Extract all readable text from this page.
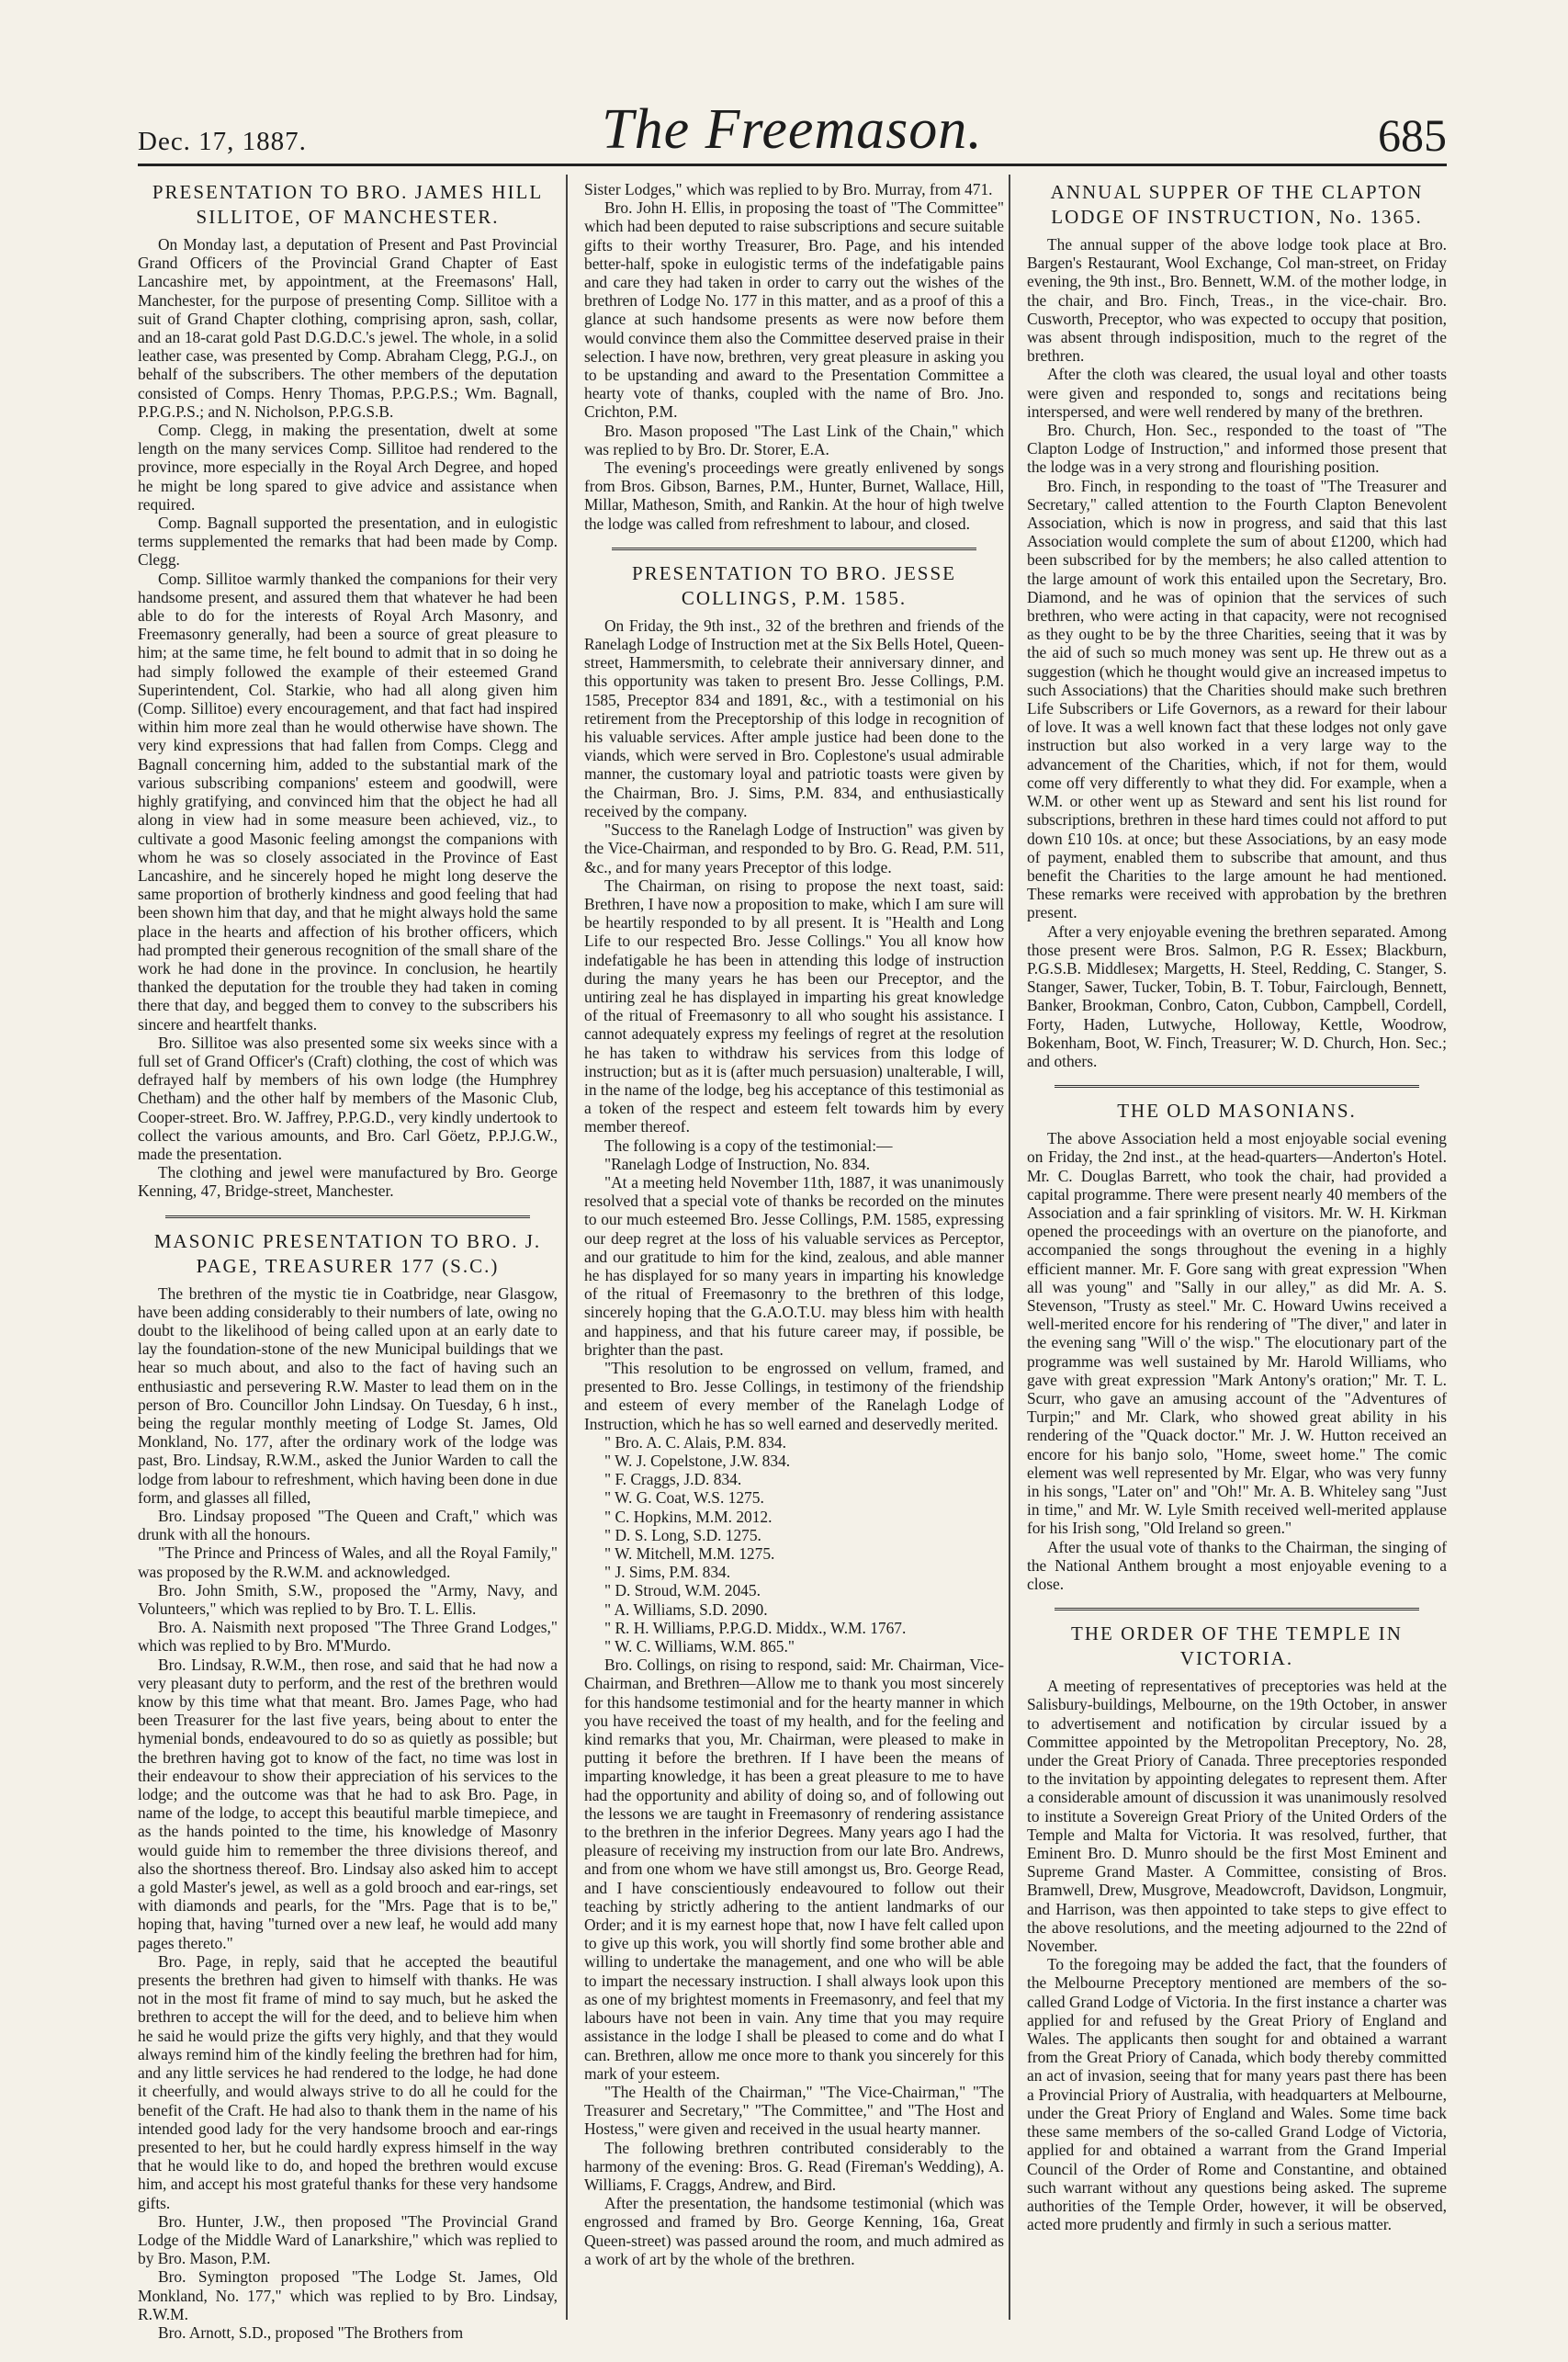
Dec. 17, 1887.	The Freemason.	685
PRESENTATION TO BRO. JAMES HILL SILLITOE, OF MANCHESTER.

On Monday last, a deputation of Present and Past Provincial Grand Officers of the Provincial Grand Chapter of East Lancashire met, by appointment, at the Freemasons' Hall, Manchester, for the purpose of presenting Comp. Sillitoe with a suit of Grand Chapter clothing, comprising apron, sash, collar, and an 18-carat gold Past D.G.D.C.'s jewel. The whole, in a solid leather case, was presented by Comp. Abraham Clegg, P.G.J., on behalf of the subscribers. The other members of the deputation consisted of Comps. Henry Thomas, P.P.G.P.S.; Wm. Bagnall, P.P.G.P.S.; and N. Nicholson, P.P.G.S.B.

Comp. Clegg, in making the presentation, dwelt at some length on the many services Comp. Sillitoe had rendered to the province, more especially in the Royal Arch Degree, and hoped he might be long spared to give advice and assistance when required.

Comp. Bagnall supported the presentation, and in eulogistic terms supplemented the remarks that had been made by Comp. Clegg.

Comp. Sillitoe warmly thanked the companions for their very handsome present, and assured them that whatever he had been able to do for the interests of Royal Arch Masonry, and Freemasonry generally, had been a source of great pleasure to him; at the same time, he felt bound to admit that in so doing he had simply followed the example of their esteemed Grand Superintendent, Col. Starkie, who had all along given him (Comp. Sillitoe) every encouragement, and that fact had inspired within him more zeal than he would otherwise have shown. The very kind expressions that had fallen from Comps. Clegg and Bagnall concerning him, added to the substantial mark of the various subscribing companions' esteem and goodwill, were highly gratifying, and convinced him that the object he had all along in view had in some measure been achieved, viz., to cultivate a good Masonic feeling amongst the companions with whom he was so closely associated in the Province of East Lancashire, and he sincerely hoped he might long deserve the same proportion of brotherly kindness and good feeling that had been shown him that day, and that he might always hold the same place in the hearts and affection of his brother officers, which had prompted their generous recognition of the small share of the work he had done in the province. In conclusion, he heartily thanked the deputation for the trouble they had taken in coming there that day, and begged them to convey to the subscribers his sincere and heartfelt thanks.

Bro. Sillitoe was also presented some six weeks since with a full set of Grand Officer's (Craft) clothing, the cost of which was defrayed half by members of his own lodge (the Humphrey Chetham) and the other half by members of the Masonic Club, Cooper-street. Bro. W. Jaffrey, P.P.G.D., very kindly undertook to collect the various amounts, and Bro. Carl Göetz, P.P.J.G.W., made the presentation.

The clothing and jewel were manufactured by Bro. George Kenning, 47, Bridge-street, Manchester.

MASONIC PRESENTATION TO BRO. J. PAGE, TREASURER 177 (S.C.)

The brethren of the mystic tie in Coatbridge, near Glasgow, have been adding considerably to their numbers of late, owing no doubt to the likelihood of being called upon at an early date to lay the foundation-stone of the new Municipal buildings that we hear so much about, and also to the fact of having such an enthusiastic and persevering R.W. Master to lead them on in the person of Bro. Councillor John Lindsay. On Tuesday, 6 h inst., being the regular monthly meeting of Lodge St. James, Old Monkland, No. 177, after the ordinary work of the lodge was past, Bro. Lindsay, R.W.M., asked the Junior Warden to call the lodge from labour to refreshment, which having been done in due form, and glasses all filled,

Bro. Lindsay proposed "The Queen and Craft," which was drunk with all the honours.

"The Prince and Princess of Wales, and all the Royal Family," was proposed by the R.W.M. and acknowledged.

Bro. John Smith, S.W., proposed the "Army, Navy, and Volunteers," which was replied to by Bro. T. L. Ellis.

Bro. A. Naismith next proposed "The Three Grand Lodges," which was replied to by Bro. M'Murdo.

Bro. Lindsay, R.W.M., then rose, and said that he had now a very pleasant duty to perform, and the rest of the brethren would know by this time what that meant. Bro. James Page, who had been Treasurer for the last five years, being about to enter the hymenial bonds, endeavoured to do so as quietly as possible; but the brethren having got to know of the fact, no time was lost in their endeavour to show their appreciation of his services to the lodge; and the outcome was that he had to ask Bro. Page, in name of the lodge, to accept this beautiful marble timepiece, and as the hands pointed to the time, his knowledge of Masonry would guide him to remember the three divisions thereof, and also the shortness thereof. Bro. Lindsay also asked him to accept a gold Master's jewel, as well as a gold brooch and ear-rings, set with diamonds and pearls, for the "Mrs. Page that is to be," hoping that, having "turned over a new leaf, he would add many pages thereto."

Bro. Page, in reply, said that he accepted the beautiful presents the brethren had given to himself with thanks. He was not in the most fit frame of mind to say much, but he asked the brethren to accept the will for the deed, and to believe him when he said he would prize the gifts very highly, and that they would always remind him of the kindly feeling the brethren had for him, and any little services he had rendered to the lodge, he had done it cheerfully, and would always strive to do all he could for the benefit of the Craft. He had also to thank them in the name of his intended good lady for the very handsome brooch and ear-rings presented to her, but he could hardly express himself in the way that he would like to do, and hoped the brethren would excuse him, and accept his most grateful thanks for these very handsome gifts.

Bro. Hunter, J.W., then proposed "The Provincial Grand Lodge of the Middle Ward of Lanarkshire," which was replied to by Bro. Mason, P.M.

Bro. Symington proposed "The Lodge St. James, Old Monkland, No. 177," which was replied to by Bro. Lindsay, R.W.M.

Bro. Arnott, S.D., proposed "The Brothers from

Sister Lodges," which was replied to by Bro. Murray, from 471.

Bro. John H. Ellis, in proposing the toast of "The Committee" which had been deputed to raise subscriptions and secure suitable gifts to their worthy Treasurer, Bro. Page, and his intended better-half, spoke in eulogistic terms of the indefatigable pains and care they had taken in order to carry out the wishes of the brethren of Lodge No. 177 in this matter, and as a proof of this a glance at such handsome presents as were now before them would convince them also the Committee deserved praise in their selection. I have now, brethren, very great pleasure in asking you to be upstanding and award to the Presentation Committee a hearty vote of thanks, coupled with the name of Bro. Jno. Crichton, P.M.

Bro. Mason proposed "The Last Link of the Chain," which was replied to by Bro. Dr. Storer, E.A.

The evening's proceedings were greatly enlivened by songs from Bros. Gibson, Barnes, P.M., Hunter, Burnet, Wallace, Hill, Millar, Matheson, Smith, and Rankin. At the hour of high twelve the lodge was called from refreshment to labour, and closed.

PRESENTATION TO BRO. JESSE COLLINGS, P.M. 1585.

On Friday, the 9th inst., 32 of the brethren and friends of the Ranelagh Lodge of Instruction met at the Six Bells Hotel, Queen-street, Hammersmith, to celebrate their anniversary dinner, and this opportunity was taken to present Bro. Jesse Collings, P.M. 1585, Preceptor 834 and 1891, &c., with a testimonial on his retirement from the Preceptorship of this lodge in recognition of his valuable services. After ample justice had been done to the viands, which were served in Bro. Coplestone's usual admirable manner, the customary loyal and patriotic toasts were given by the Chairman, Bro. J. Sims, P.M. 834, and enthusiastically received by the company.

"Success to the Ranelagh Lodge of Instruction" was given by the Vice-Chairman, and responded to by Bro. G. Read, P.M. 511, &c., and for many years Preceptor of this lodge.

The Chairman, on rising to propose the next toast, said: Brethren, I have now a proposition to make, which I am sure will be heartily responded to by all present. It is "Health and Long Life to our respected Bro. Jesse Collings." You all know how indefatigable he has been in attending this lodge of instruction during the many years he has been our Preceptor, and the untiring zeal he has displayed in imparting his great knowledge of the ritual of Freemasonry to all who sought his assistance. I cannot adequately express my feelings of regret at the resolution he has taken to withdraw his services from this lodge of instruction; but as it is (after much persuasion) unalterable, I will, in the name of the lodge, beg his acceptance of this testimonial as a token of the respect and esteem felt towards him by every member thereof.

The following is a copy of the testimonial:—

"Ranelagh Lodge of Instruction, No. 834.

"At a meeting held November 11th, 1887, it was unanimously resolved that a special vote of thanks be recorded on the minutes to our much esteemed Bro. Jesse Collings, P.M. 1585, expressing our deep regret at the loss of his valuable services as Perceptor, and our gratitude to him for the kind, zealous, and able manner he has displayed for so many years in imparting his knowledge of the ritual of Freemasonry to the brethren of this lodge, sincerely hoping that the G.A.O.T.U. may bless him with health and happiness, and that his future career may, if possible, be brighter than the past.

"This resolution to be engrossed on vellum, framed, and presented to Bro. Jesse Collings, in testimony of the friendship and esteem of every member of the Ranelagh Lodge of Instruction, which he has so well earned and deservedly merited.

" Bro. A. C. Alais, P.M. 834.
" W. J. Copelstone, J.W. 834.
" F. Craggs, J.D. 834.
" W. G. Coat, W.S. 1275.
" C. Hopkins, M.M. 2012.
" D. S. Long, S.D. 1275.
" W. Mitchell, M.M. 1275.
" J. Sims, P.M. 834.
" D. Stroud, W.M. 2045.
" A. Williams, S.D. 2090.
" R. H. Williams, P.P.G.D. Middx., W.M. 1767.
" W. C. Williams, W.M. 865."

Bro. Collings, on rising to respond, said: Mr. Chairman, Vice-Chairman, and Brethren—Allow me to thank you most sincerely for this handsome testimonial and for the hearty manner in which you have received the toast of my health, and for the feeling and kind remarks that you, Mr. Chairman, were pleased to make in putting it before the brethren. If I have been the means of imparting knowledge, it has been a great pleasure to me to have had the opportunity and ability of doing so, and of following out the lessons we are taught in Freemasonry of rendering assistance to the brethren in the inferior Degrees. Many years ago I had the pleasure of receiving my instruction from our late Bro. Andrews, and from one whom we have still amongst us, Bro. George Read, and I have conscientiously endeavoured to follow out their teaching by strictly adhering to the antient landmarks of our Order; and it is my earnest hope that, now I have felt called upon to give up this work, you will shortly find some brother able and willing to undertake the management, and one who will be able to impart the necessary instruction. I shall always look upon this as one of my brightest moments in Freemasonry, and feel that my labours have not been in vain. Any time that you may require assistance in the lodge I shall be pleased to come and do what I can. Brethren, allow me once more to thank you sincerely for this mark of your esteem.

"The Health of the Chairman," "The Vice-Chairman," "The Treasurer and Secretary," "The Committee," and "The Host and Hostess," were given and received in the usual hearty manner.

The following brethren contributed considerably to the harmony of the evening: Bros. G. Read (Fireman's Wedding), A. Williams, F. Craggs, Andrew, and Bird.

After the presentation, the handsome testimonial (which was engrossed and framed by Bro. George Kenning, 16a, Great Queen-street) was passed around the room, and much admired as a work of art by the whole of the brethren.

ANNUAL SUPPER OF THE CLAPTON LODGE OF INSTRUCTION, No. 1365.

The annual supper of the above lodge took place at Bro. Bargen's Restaurant, Wool Exchange, Col man-street, on Friday evening, the 9th inst., Bro. Bennett, W.M. of the mother lodge, in the chair, and Bro. Finch, Treas., in the vice-chair. Bro. Cusworth, Preceptor, who was expected to occupy that position, was absent through indisposition, much to the regret of the brethren.

After the cloth was cleared, the usual loyal and other toasts were given and responded to, songs and recitations being interspersed, and were well rendered by many of the brethren.

Bro. Church, Hon. Sec., responded to the toast of "The Clapton Lodge of Instruction," and informed those present that the lodge was in a very strong and flourishing position.

Bro. Finch, in responding to the toast of "The Treasurer and Secretary," called attention to the Fourth Clapton Benevolent Association, which is now in progress, and said that this last Association would complete the sum of about £1200, which had been subscribed for by the members; he also called attention to the large amount of work this entailed upon the Secretary, Bro. Diamond, and he was of opinion that the services of such brethren, who were acting in that capacity, were not recognised as they ought to be by the three Charities, seeing that it was by the aid of such so much money was sent up. He threw out as a suggestion (which he thought would give an increased impetus to such Associations) that the Charities should make such brethren Life Subscribers or Life Governors, as a reward for their labour of love. It was a well known fact that these lodges not only gave instruction but also worked in a very large way to the advancement of the Charities, which, if not for them, would come off very differently to what they did. For example, when a W.M. or other went up as Steward and sent his list round for subscriptions, brethren in these hard times could not afford to put down £10 10s. at once; but these Associations, by an easy mode of payment, enabled them to subscribe that amount, and thus benefit the Charities to the large amount he had mentioned. These remarks were received with approbation by the brethren present.

After a very enjoyable evening the brethren separated. Among those present were Bros. Salmon, P.G R. Essex; Blackburn, P.G.S.B. Middlesex; Margetts, H. Steel, Redding, C. Stanger, S. Stanger, Sawer, Tucker, Tobin, B. T. Tobur, Fairclough, Bennett, Banker, Brookman, Conbro, Caton, Cubbon, Campbell, Cordell, Forty, Haden, Lutwyche, Holloway, Kettle, Woodrow, Bokenham, Boot, W. Finch, Treasurer; W. D. Church, Hon. Sec.; and others.

THE OLD MASONIANS.

The above Association held a most enjoyable social evening on Friday, the 2nd inst., at the head-quarters—Anderton's Hotel. Mr. C. Douglas Barrett, who took the chair, had provided a capital programme. There were present nearly 40 members of the Association and a fair sprinkling of visitors. Mr. W. H. Kirkman opened the proceedings with an overture on the pianoforte, and accompanied the songs throughout the evening in a highly efficient manner. Mr. F. Gore sang with great expression "When all was young" and "Sally in our alley," as did Mr. A. S. Stevenson, "Trusty as steel." Mr. C. Howard Uwins received a well-merited encore for his rendering of "The diver," and later in the evening sang "Will o' the wisp." The elocutionary part of the programme was well sustained by Mr. Harold Williams, who gave with great expression "Mark Antony's oration;" Mr. T. L. Scurr, who gave an amusing account of the "Adventures of Turpin;" and Mr. Clark, who showed great ability in his rendering of the "Quack doctor." Mr. J. W. Hutton received an encore for his banjo solo, "Home, sweet home." The comic element was well represented by Mr. Elgar, who was very funny in his songs, "Later on" and "Oh!" Mr. A. B. Whiteley sang "Just in time," and Mr. W. Lyle Smith received well-merited applause for his Irish song, "Old Ireland so green."

After the usual vote of thanks to the Chairman, the singing of the National Anthem brought a most enjoyable evening to a close.

THE ORDER OF THE TEMPLE IN VICTORIA.

A meeting of representatives of preceptories was held at the Salisbury-buildings, Melbourne, on the 19th October, in answer to advertisement and notification by circular issued by a Committee appointed by the Metropolitan Preceptory, No. 28, under the Great Priory of Canada. Three preceptories responded to the invitation by appointing delegates to represent them. After a considerable amount of discussion it was unanimously resolved to institute a Sovereign Great Priory of the United Orders of the Temple and Malta for Victoria. It was resolved, further, that Eminent Bro. D. Munro should be the first Most Eminent and Supreme Grand Master. A Committee, consisting of Bros. Bramwell, Drew, Musgrove, Meadowcroft, Davidson, Longmuir, and Harrison, was then appointed to take steps to give effect to the above resolutions, and the meeting adjourned to the 22nd of November.

To the foregoing may be added the fact, that the founders of the Melbourne Preceptory mentioned are members of the so-called Grand Lodge of Victoria. In the first instance a charter was applied for and refused by the Great Priory of England and Wales. The applicants then sought for and obtained a warrant from the Great Priory of Canada, which body thereby committed an act of invasion, seeing that for many years past there has been a Provincial Priory of Australia, with headquarters at Melbourne, under the Great Priory of England and Wales. Some time back these same members of the so-called Grand Lodge of Victoria, applied for and obtained a warrant from the Grand Imperial Council of the Order of Rome and Constantine, and obtained such warrant without any questions being asked. The supreme authorities of the Temple Order, however, it will be observed, acted more prudently and firmly in such a serious matter.
